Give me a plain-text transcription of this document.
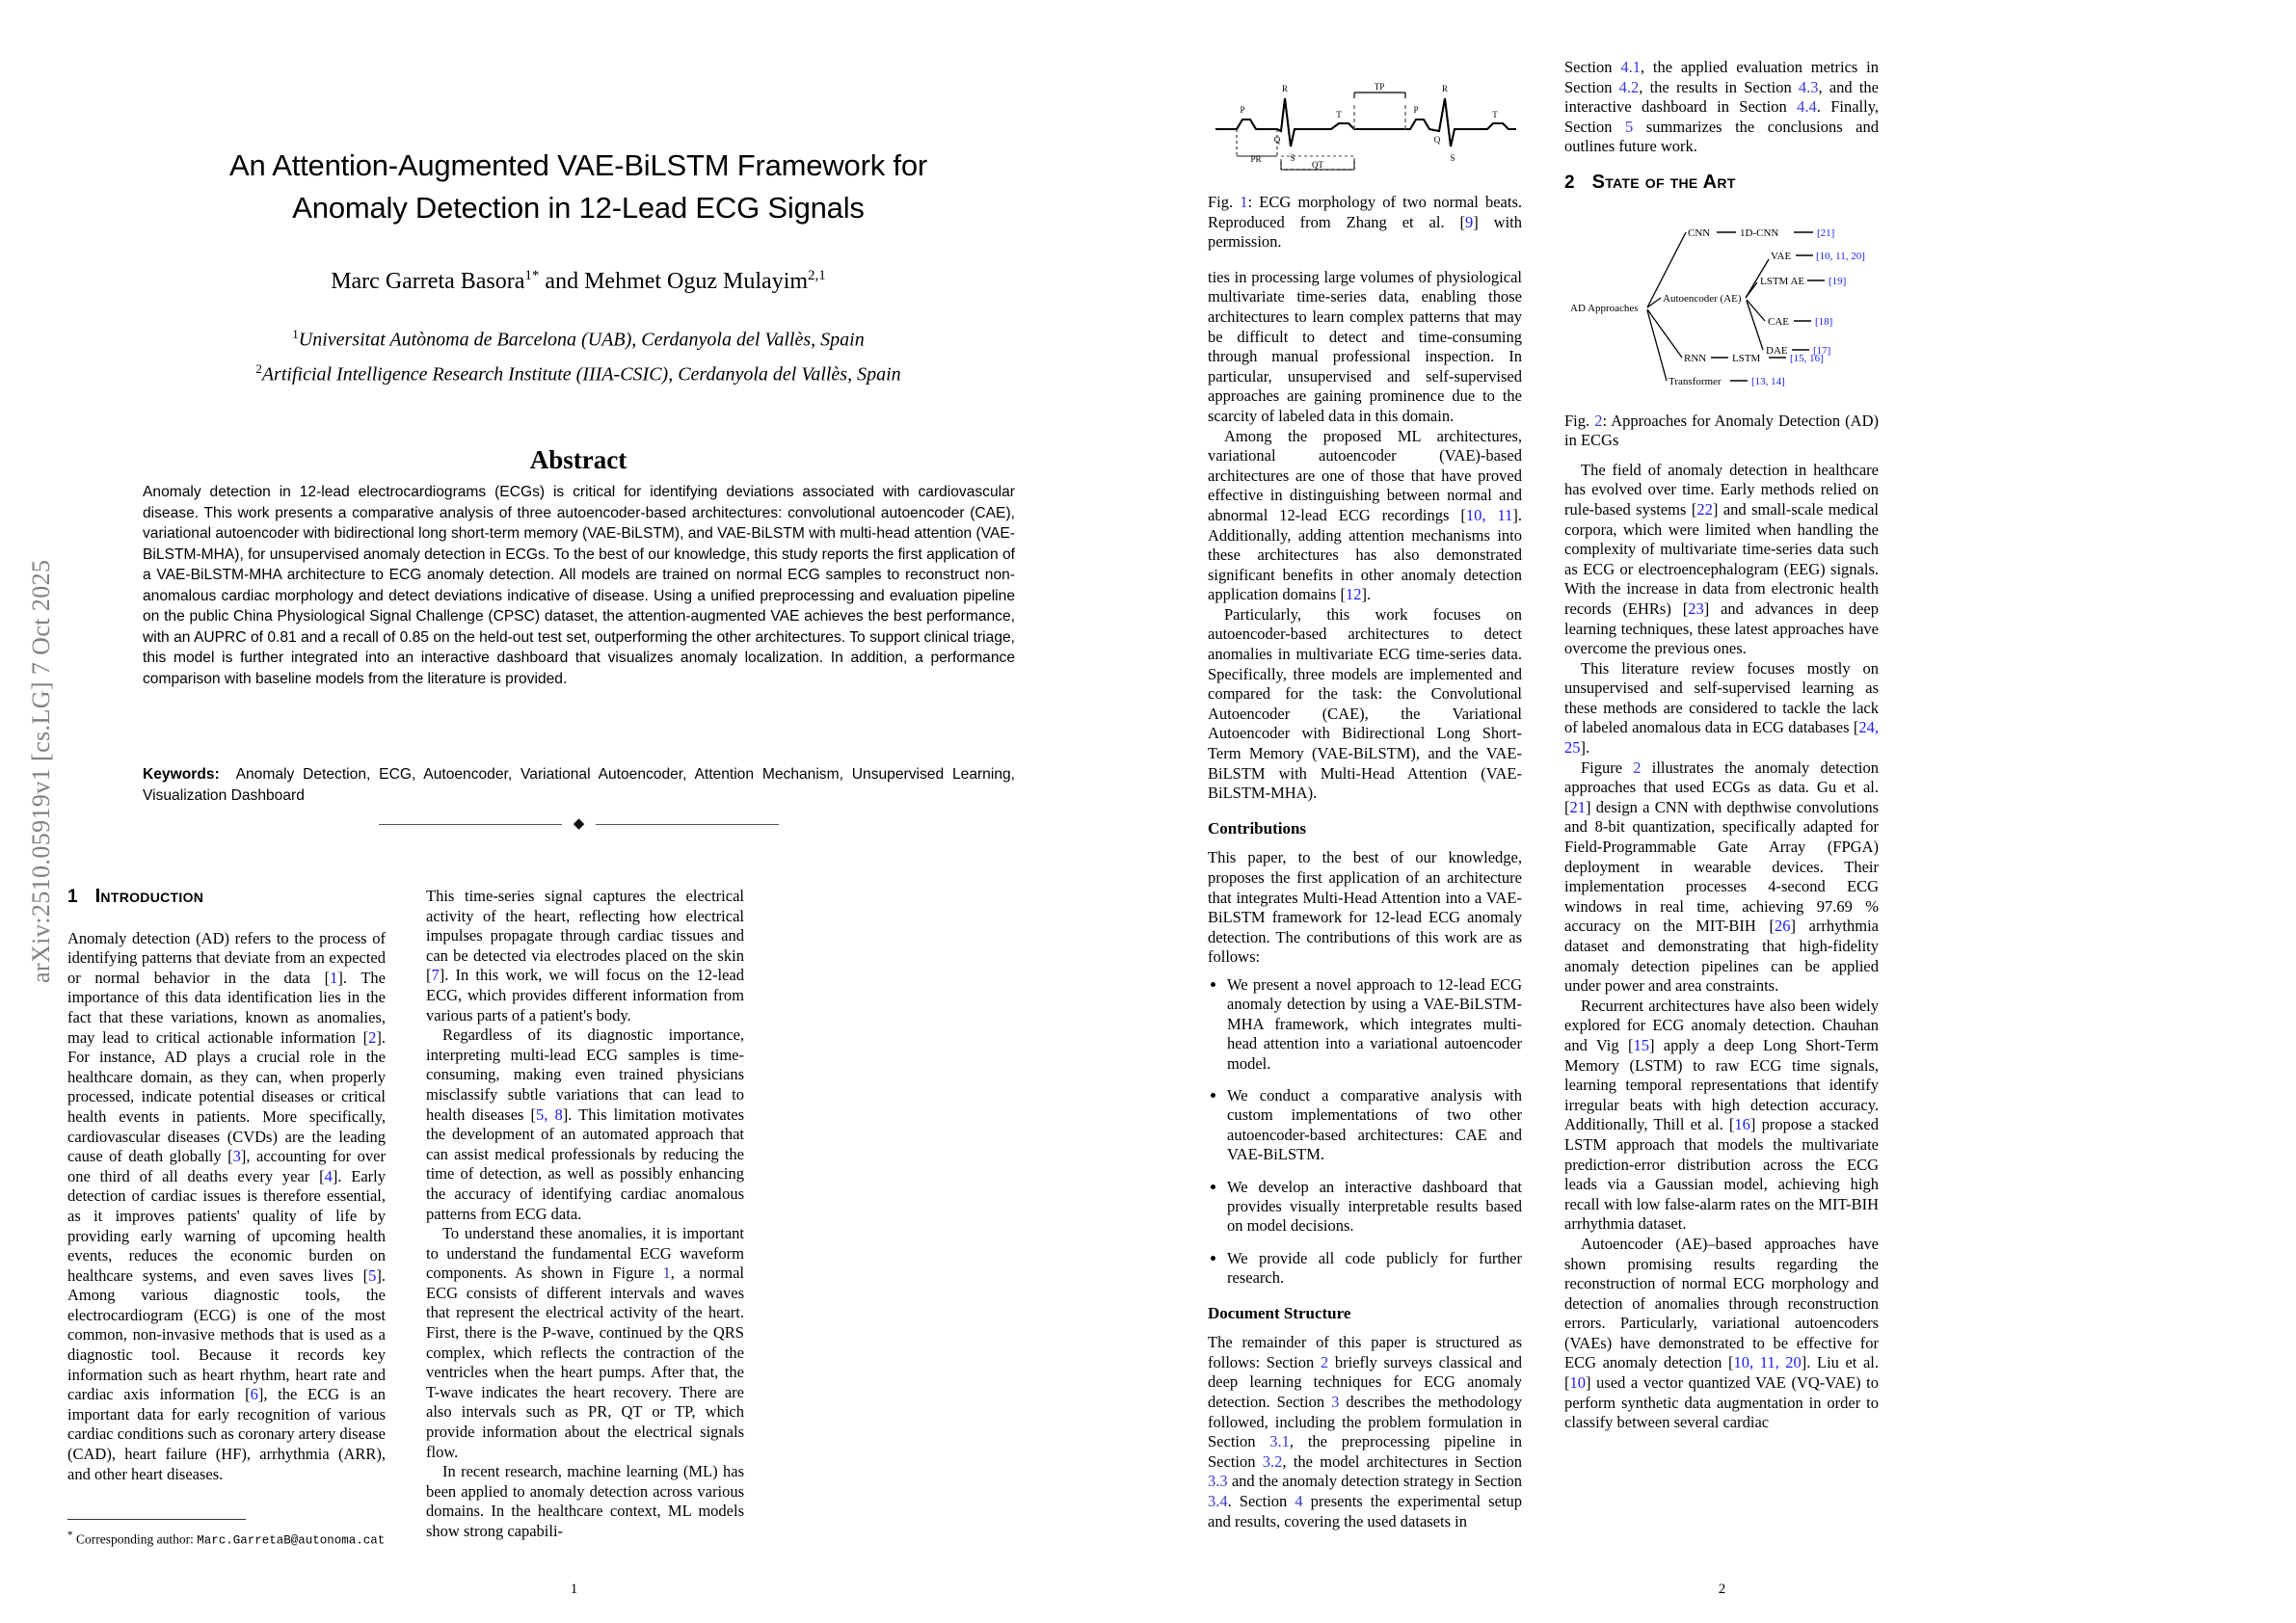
arXiv:2510.05919v1 [cs.LG] 7 Oct 2025
An Attention-Augmented VAE-BiLSTM Framework for
Anomaly Detection in 12-Lead ECG Signals
Marc Garreta Basora$^{1*}$ and Mehmet Oguz Mulayim$^{2,1}$
$^1$Universitat Autònoma de Barcelona (UAB), Cerdanyola del Vallès, Spain
$^2$Artificial Intelligence Research Institute (IIIA-CSIC), Cerdanyola del Vallès, Spain
Abstract
Anomaly detection in 12-lead electrocardiograms (ECGs) is critical for identifying deviations associated with cardiovascular disease. This work presents a comparative analysis of three autoencoder-based architectures: convolutional autoencoder (CAE), variational autoencoder with bidirectional long short-term memory (VAE-BiLSTM), and VAE-BiLSTM with multi-head attention (VAE-BiLSTM-MHA), for unsupervised anomaly detection in ECGs. To the best of our knowledge, this study reports the first application of a VAE-BiLSTM-MHA architecture to ECG anomaly detection. All models are trained on normal ECG samples to reconstruct non-anomalous cardiac morphology and detect deviations indicative of disease. Using a unified preprocessing and evaluation pipeline on the public China Physiological Signal Challenge (CPSC) dataset, the attention-augmented VAE achieves the best performance, with an AUPRC of 0.81 and a recall of 0.85 on the held-out test set, outperforming the other architectures. To support clinical triage, this model is further integrated into an interactive dashboard that visualizes anomaly localization. In addition, a performance comparison with baseline models from the literature is provided.
Keywords: Anomaly Detection, ECG, Autoencoder, Variational Autoencoder, Attention Mechanism, Unsupervised Learning, Visualization Dashboard
◆
1 Introduction

Anomaly detection (AD) refers to the process of identifying patterns that deviate from an expected or normal behavior in the data [1]. The importance of this data identification lies in the fact that these variations, known as anomalies, may lead to critical actionable information [2]. For instance, AD plays a crucial role in the healthcare domain, as they can, when properly processed, indicate potential diseases or critical health events in patients. More specifically, cardiovascular diseases (CVDs) are the leading cause of death globally [3], accounting for over one third of all deaths every year [4]. Early detection of cardiac issues is therefore essential, as it improves patients' quality of life by providing early warning of upcoming health events, reduces the economic burden on healthcare systems, and even saves lives [5]. Among various diagnostic tools, the electrocardiogram (ECG) is one of the most common, non-invasive methods that is used as a diagnostic tool. Because it records key information such as heart rhythm, heart rate and cardiac axis information [6], the ECG is an important data for early recognition of various cardiac conditions such as coronary artery disease (CAD), heart failure (HF), arrhythmia (ARR), and other heart diseases.

This time-series signal captures the electrical activity of the heart, reflecting how electrical impulses propagate through cardiac tissues and can be detected via electrodes placed on the skin [7]. In this work, we will focus on the 12-lead ECG, which provides different information from various parts of a patient's body.

Regardless of its diagnostic importance, interpreting multi-lead ECG samples is time-consuming, making even trained physicians misclassify subtle variations that can lead to health diseases [5, 8]. This limitation motivates the development of an automated approach that can assist medical professionals by reducing the time of detection, as well as possibly enhancing the accuracy of identifying cardiac anomalous patterns from ECG data.

To understand these anomalies, it is important to understand the fundamental ECG waveform components. As shown in Figure 1, a normal ECG consists of different intervals and waves that represent the electrical activity of the heart. First, there is the P-wave, continued by the QRS complex, which reflects the contraction of the ventricles when the heart pumps. After that, the T-wave indicates the heart recovery. There are also intervals such as PR, QT or TP, which provide information about the electrical signals flow.

In recent research, machine learning (ML) has been applied to anomaly detection across various domains. In the healthcare context, ML models show strong capabili-

* Corresponding author: Marc.GarretaB@autonoma.cat
1
P
R
Q
S
T
PR
QT
TP
P
R
Q
S
T
Fig. 1: ECG morphology of two normal beats. Reproduced from Zhang et al. [9] with permission.

ties in processing large volumes of physiological multivariate time-series data, enabling those architectures to learn complex patterns that may be difficult to detect and time-consuming through manual professional inspection. In particular, unsupervised and self-supervised approaches are gaining prominence due to the scarcity of labeled data in this domain.

Among the proposed ML architectures, variational autoencoder (VAE)-based architectures are one of those that have proved effective in distinguishing between normal and abnormal 12-lead ECG recordings [10, 11]. Additionally, adding attention mechanisms into these architectures has also demonstrated significant benefits in other anomaly detection application domains [12].

Particularly, this work focuses on autoencoder-based architectures to detect anomalies in multivariate ECG time-series data. Specifically, three models are implemented and compared for the task: the Convolutional Autoencoder (CAE), the Variational Autoencoder with Bidirectional Long Short-Term Memory (VAE-BiLSTM), and the VAE-BiLSTM with Multi-Head Attention (VAE-BiLSTM-MHA).

Contributions

This paper, to the best of our knowledge, proposes the first application of an architecture that integrates Multi-Head Attention into a VAE-BiLSTM framework for 12-lead ECG anomaly detection. The contributions of this work are as follows:

• We present a novel approach to 12-lead ECG anomaly detection by using a VAE-BiLSTM-MHA framework, which integrates multi-head attention into a variational autoencoder model.
• We conduct a comparative analysis with custom implementations of two other autoencoder-based architectures: CAE and VAE-BiLSTM.
• We develop an interactive dashboard that provides visually interpretable results based on model decisions.
• We provide all code publicly for further research.
Document Structure

The remainder of this paper is structured as follows: Section 2 briefly surveys classical and deep learning techniques for ECG anomaly detection. Section 3 describes the methodology followed, including the problem formulation in Section 3.1, the preprocessing pipeline in Section 3.2, the model architectures in Section 3.3 and the anomaly detection strategy in Section 3.4. Section 4 presents the experimental setup and results, covering the used datasets in

Section 4.1, the applied evaluation metrics in Section 4.2, the results in Section 4.3, and the interactive dashboard in Section 4.4. Finally, Section 5 summarizes the conclusions and outlines future work.

2 State of the Art
CNN	1D-CNN	[21]
Autoencoder (AE)
VAE [10, 11, 20]
LSTM AE [19]
CAE [18]
DAE [17]
RNN LSTM	[15, 16]
Transformer	[13, 14]
AD Approaches
Fig. 2: Approaches for Anomaly Detection (AD) in ECGs

The field of anomaly detection in healthcare has evolved over time. Early methods relied on rule-based systems [22] and small-scale medical corpora, which were limited when handling the complexity of multivariate time-series data such as ECG or electroencephalogram (EEG) signals. With the increase in data from electronic health records (EHRs) [23] and advances in deep learning techniques, these latest approaches have overcome the previous ones.

This literature review focuses mostly on unsupervised and self-supervised learning as these methods are considered to tackle the lack of labeled anomalous data in ECG databases [24, 25].

Figure 2 illustrates the anomaly detection approaches that used ECGs as data. Gu et al. [21] design a CNN with depthwise convolutions and 8-bit quantization, specifically adapted for Field-Programmable Gate Array (FPGA) deployment in wearable devices. Their implementation processes 4-second ECG windows in real time, achieving 97.69 % accuracy on the MIT-BIH [26] arrhythmia dataset and demonstrating that high-fidelity anomaly detection pipelines can be applied under power and area constraints.

Recurrent architectures have also been widely explored for ECG anomaly detection. Chauhan and Vig [15] apply a deep Long Short-Term Memory (LSTM) to raw ECG time signals, learning temporal representations that identify irregular beats with high detection accuracy. Additionally, Thill et al. [16] propose a stacked LSTM approach that models the multivariate prediction-error distribution across the ECG leads via a Gaussian model, achieving high recall with low false-alarm rates on the MIT-BIH arrhythmia dataset.

Autoencoder (AE)–based approaches have shown promising results regarding the reconstruction of normal ECG morphology and detection of anomalies through reconstruction errors. Particularly, variational autoencoders (VAEs) have demonstrated to be effective for ECG anomaly detection [10, 11, 20]. Liu et al. [10] used a vector quantized VAE (VQ-VAE) to perform synthetic data augmentation in order to classify between several cardiac

2
